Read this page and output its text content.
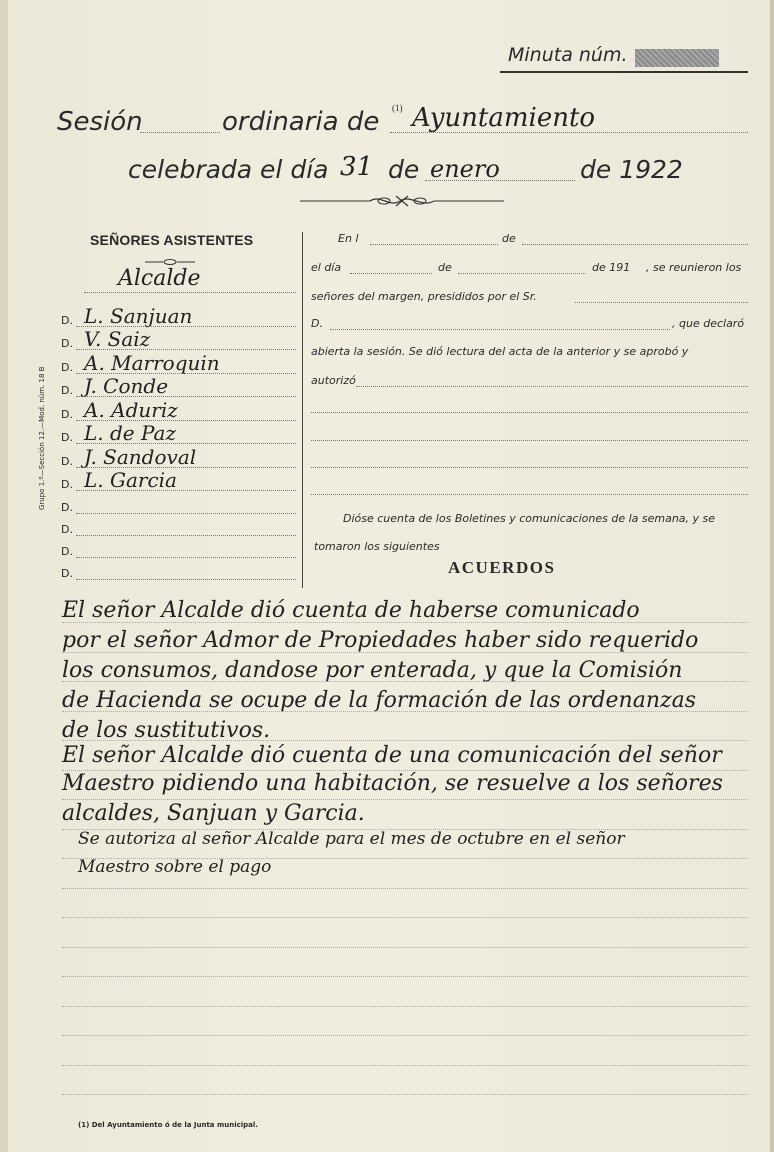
Minuta núm.
Sesión	ordinaria de (1) Ayuntamiento
celebrada el día 31 de enero	de 1922
SEÑORES ASISTENTES
Alcalde
D. L. Sanjuan
D. V. Saiz
D. A. Marroquin
D. J. Conde
D. A. Aduriz
D. L. de Paz
D. J. Sandoval
D. L. Garcia
D.
D.
D.
D.
En l	de
el día	de	de 191 , se reunieron los
señores del margen, presididos por el Sr.
D.	, que declaró
abierta la sesión. Se dió lectura del acta de la anterior y se aprobó y
autorizó
Dióse cuenta de los Boletines y comunicaciones de la semana, y se
tomaron los siguientes
ACUERDOS
Grupo 1.º—Sección 12.—Mod. núm. 18 B
El señor Alcalde dió cuenta de haberse comunicado
por el señor Admor de Propiedades haber sido requerido
los consumos, dandose por enterada, y que la Comisión
de Hacienda se ocupe de la formación de las ordenanzas
de los sustitutivos.
El señor Alcalde dió cuenta de una comunicación del señor
Maestro pidiendo una habitación, se resuelve a los señores
alcaldes, Sanjuan y Garcia.
Se autoriza al señor Alcalde para el mes de octubre en el señor
Maestro sobre el pago
(1) Del Ayuntamiento ó de la Junta municipal.
